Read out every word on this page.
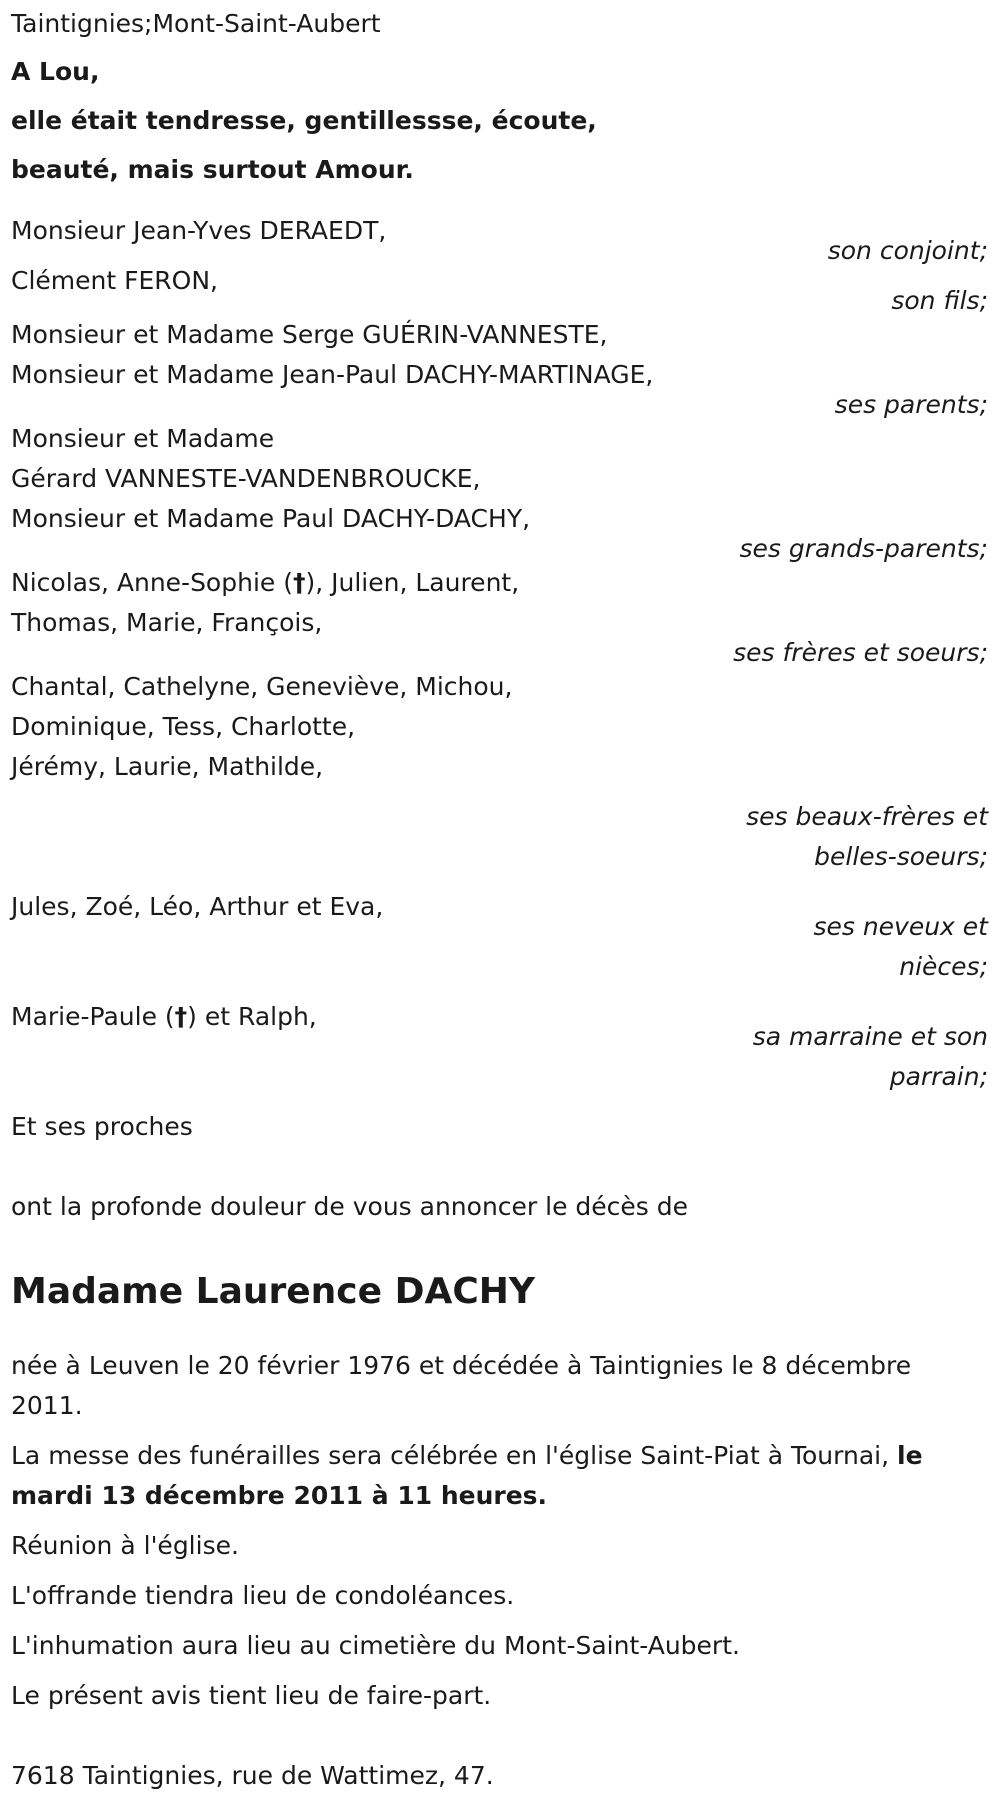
Taintignies;Mont-Saint-Aubert
A Lou,
elle était tendresse, gentillessse, écoute,
beauté, mais surtout Amour.
Monsieur Jean-Yves DERAEDT,
son conjoint;
Clément FERON,
son fils;
Monsieur et Madame Serge GUÉRIN-VANNESTE,
Monsieur et Madame Jean-Paul DACHY-MARTINAGE,
ses parents;
Monsieur et Madame
Gérard VANNESTE-VANDENBROUCKE,
Monsieur et Madame Paul DACHY-DACHY,
ses grands-parents;
Nicolas, Anne-Sophie (†), Julien, Laurent,
Thomas, Marie, François,
ses frères et soeurs;
Chantal, Cathelyne, Geneviève, Michou,
Dominique, Tess, Charlotte,
Jérémy, Laurie, Mathilde,
ses beaux-frères et belles-soeurs;
Jules, Zoé, Léo, Arthur et Eva,
ses neveux et nièces;
Marie-Paule (†) et Ralph,
sa marraine et son parrain;
Et ses proches
ont la profonde douleur de vous annoncer le décès de
Madame Laurence DACHY
née à Leuven le 20 février 1976 et décédée à Taintignies le 8 décembre 2011.
La messe des funérailles sera célébrée en l'église Saint-Piat à Tournai, le mardi 13 décembre 2011 à 11 heures.
Réunion à l'église.
L'offrande tiendra lieu de condoléances.
L'inhumation aura lieu au cimetière du Mont-Saint-Aubert.
Le présent avis tient lieu de faire-part.
7618 Taintignies, rue de Wattimez, 47.
